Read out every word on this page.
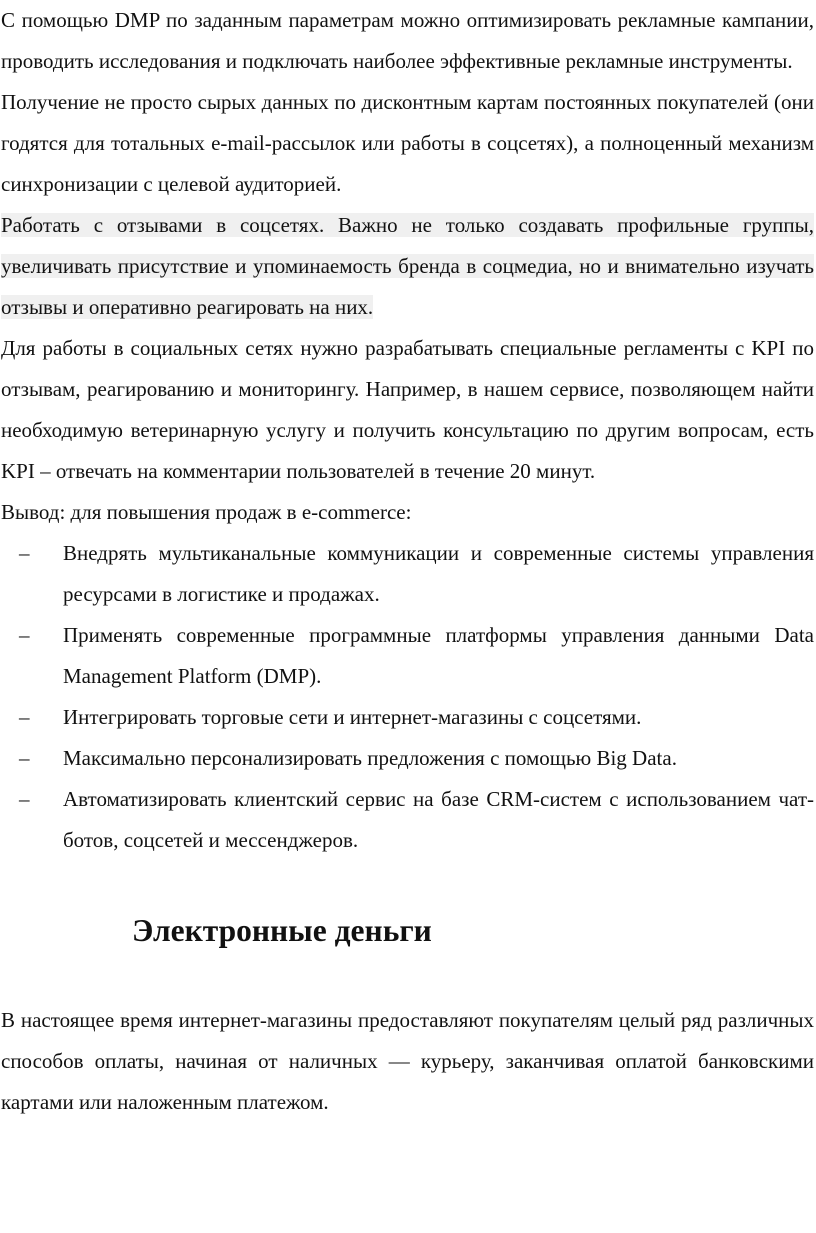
С помощью DMP по заданным параметрам можно оптимизировать рекламные кампании, проводить исследования и подключать наиболее эффективные рекламные инструменты.

Получение не просто сырых данных по дисконтным картам постоянных покупателей (они годятся для тотальных e-mail-рассылок или работы в соцсетях), а полноценный механизм синхронизации с целевой аудиторией.

Работать с отзывами в соцсетях. Важно не только создавать профильные группы, увеличивать присутствие и упоминаемость бренда в соцмедиа, но и внимательно изучать отзывы и оперативно реагировать на них.

Для работы в социальных сетях нужно разрабатывать специальные регламенты с KPI по отзывам, реагированию и мониторингу. Например, в нашем сервисе, позволяющем найти необходимую ветеринарную услугу и получить консультацию по другим вопросам, есть KPI – отвечать на комментарии пользователей в течение 20 минут.

Вывод: для повышения продаж в e-commerce:

– Внедрять мультиканальные коммуникации и современные системы управления ресурсами в логистике и продажах.
– Применять современные программные платформы управления данными Data Management Platform (DMP).
– Интегрировать торговые сети и интернет-магазины с соцсетями.
– Максимально персонализировать предложения с помощью Big Data.
– Автоматизировать клиентский сервис на базе CRM-систем с использованием чат-ботов, соцсетей и мессенджеров.
Электронные деньги

В настоящее время интернет-магазины предоставляют покупателям целый ряд различных способов оплаты, начиная от наличных — курьеру, заканчивая оплатой банковскими картами или наложенным платежом.
